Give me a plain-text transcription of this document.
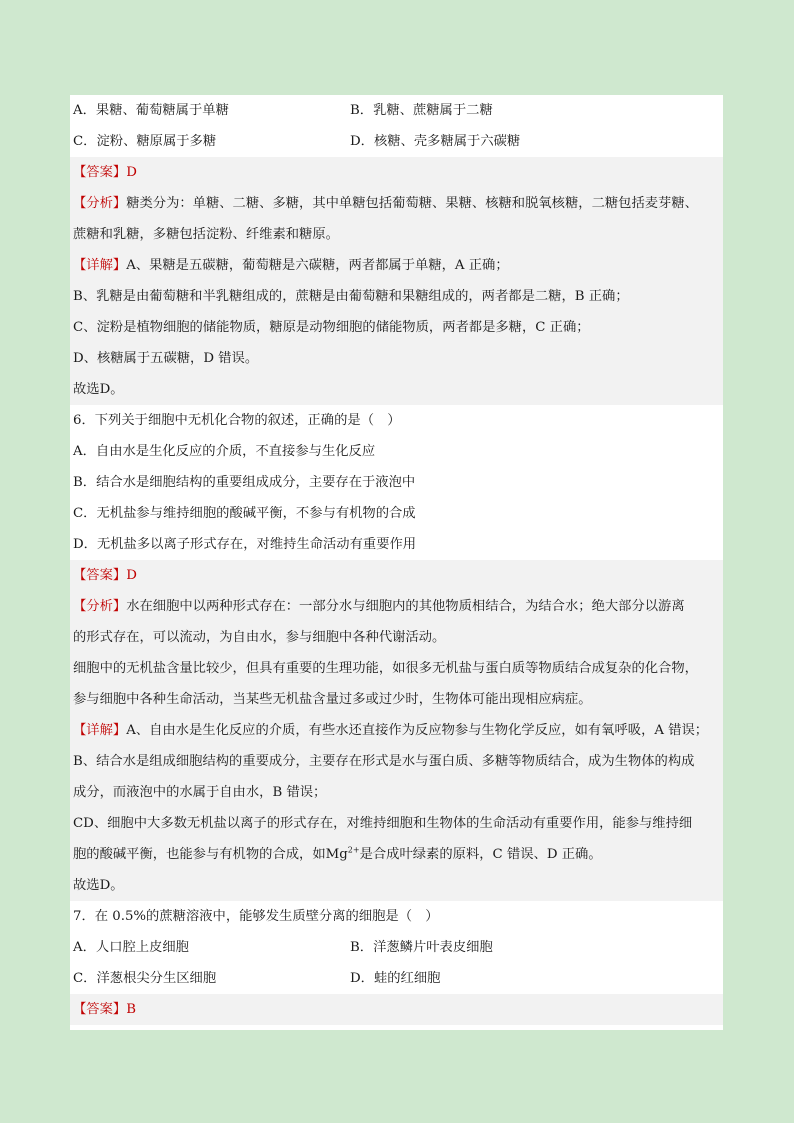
A．果糖、葡萄糖属于单糖	B．乳糖、蔗糖属于二糖
C．淀粉、糖原属于多糖	D．核糖、壳多糖属于六碳糖
【答案】D
【分析】糖类分为：单糖、二糖、多糖，其中单糖包括葡萄糖、果糖、核糖和脱氧核糖，二糖包括麦芽糖、
蔗糖和乳糖，多糖包括淀粉、纤维素和糖原。
【详解】A、果糖是五碳糖，葡萄糖是六碳糖，两者都属于单糖，A 正确；
B、乳糖是由葡萄糖和半乳糖组成的，蔗糖是由葡萄糖和果糖组成的，两者都是二糖，B 正确；
C、淀粉是植物细胞的储能物质，糖原是动物细胞的储能物质，两者都是多糖，C 正确；
D、核糖属于五碳糖，D 错误。
故选D。
6．下列关于细胞中无机化合物的叙述，正确的是（　）
A．自由水是生化反应的介质，不直接参与生化反应
B．结合水是细胞结构的重要组成成分，主要存在于液泡中
C．无机盐参与维持细胞的酸碱平衡，不参与有机物的合成
D．无机盐多以离子形式存在，对维持生命活动有重要作用
【答案】D
【分析】水在细胞中以两种形式存在：一部分水与细胞内的其他物质相结合，为结合水；绝大部分以游离
的形式存在，可以流动，为自由水，参与细胞中各种代谢活动。
细胞中的无机盐含量比较少，但具有重要的生理功能，如很多无机盐与蛋白质等物质结合成复杂的化合物，
参与细胞中各种生命活动，当某些无机盐含量过多或过少时，生物体可能出现相应病症。
【详解】A、自由水是生化反应的介质，有些水还直接作为反应物参与生物化学反应，如有氧呼吸，A 错误；
B、结合水是组成细胞结构的重要成分，主要存在形式是水与蛋白质、多糖等物质结合，成为生物体的构成
成分，而液泡中的水属于自由水，B 错误；
CD、细胞中大多数无机盐以离子的形式存在，对维持细胞和生物体的生命活动有重要作用，能参与维持细
胞的酸碱平衡，也能参与有机物的合成，如$Mg^{2+}$是合成叶绿素的原料，C 错误、D 正确。
故选D。
7．在 0.5%的蔗糖溶液中，能够发生质壁分离的细胞是（　）
A．人口腔上皮细胞	B．洋葱鳞片叶表皮细胞
C．洋葱根尖分生区细胞	D．蛙的红细胞
【答案】B
